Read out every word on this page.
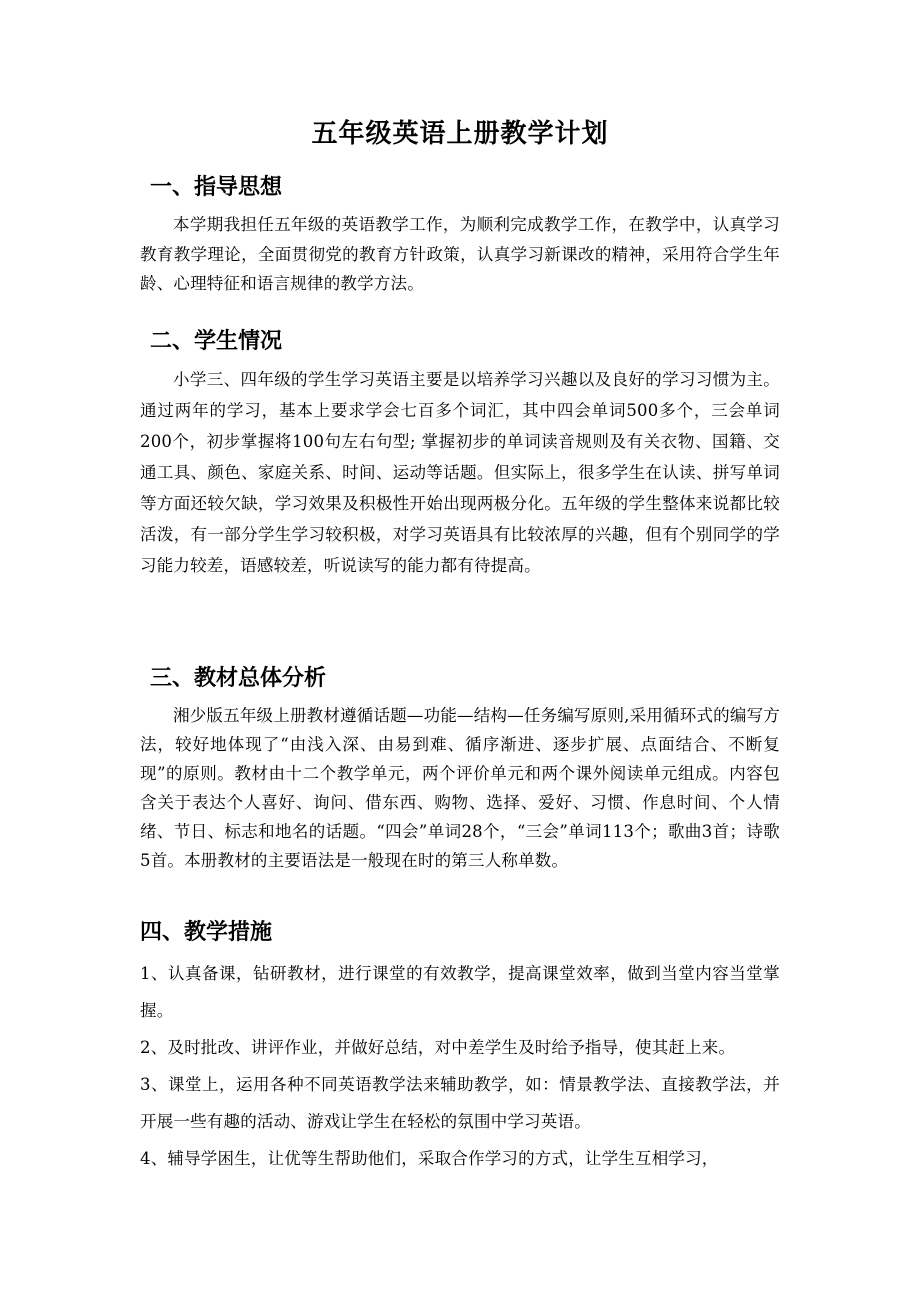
五年级英语上册教学计划
一、指导思想

本学期我担任五年级的英语教学工作，为顺利完成教学工作，在教学中，认真学习教育教学理论，全面贯彻党的教育方针政策，认真学习新课改的精神，采用符合学生年龄、心理特征和语言规律的教学方法。

二、学生情况

小学三、四年级的学生学习英语主要是以培养学习兴趣以及良好的学习习惯为主。通过两年的学习，基本上要求学会七百多个词汇，其中四会单词500多个，三会单词200个，初步掌握将100句左右句型; 掌握初步的单词读音规则及有关衣物、国籍、交通工具、颜色、家庭关系、时间、运动等话题。但实际上，很多学生在认读、拼写单词等方面还较欠缺，学习效果及积极性开始出现两极分化。五年级的学生整体来说都比较活泼，有一部分学生学习较积极，对学习英语具有比较浓厚的兴趣，但有个别同学的学习能力较差，语感较差，听说读写的能力都有待提高。

三、教材总体分析

湘少版五年级上册教材遵循话题—功能—结构—任务编写原则,采用循环式的编写方法，较好地体现了“由浅入深、由易到难、循序渐进、逐步扩展、点面结合、不断复现”的原则。教材由十二个教学单元，两个评价单元和两个课外阅读单元组成。内容包含关于表达个人喜好、询问、借东西、购物、选择、爱好、习惯、作息时间、个人情绪、节日、标志和地名的话题。“四会”单词28个，“三会”单词113个；歌曲3首；诗歌5首。本册教材的主要语法是一般现在时的第三人称单数。

四、教学措施

1、认真备课，钻研教材，进行课堂的有效教学，提高课堂效率，做到当堂内容当堂掌握。

2、及时批改、讲评作业，并做好总结，对中差学生及时给予指导，使其赶上来。

3、课堂上，运用各种不同英语教学法来辅助教学，如：情景教学法、直接教学法，并开展一些有趣的活动、游戏让学生在轻松的氛围中学习英语。

4、辅导学困生，让优等生帮助他们，采取合作学习的方式，让学生互相学习，
